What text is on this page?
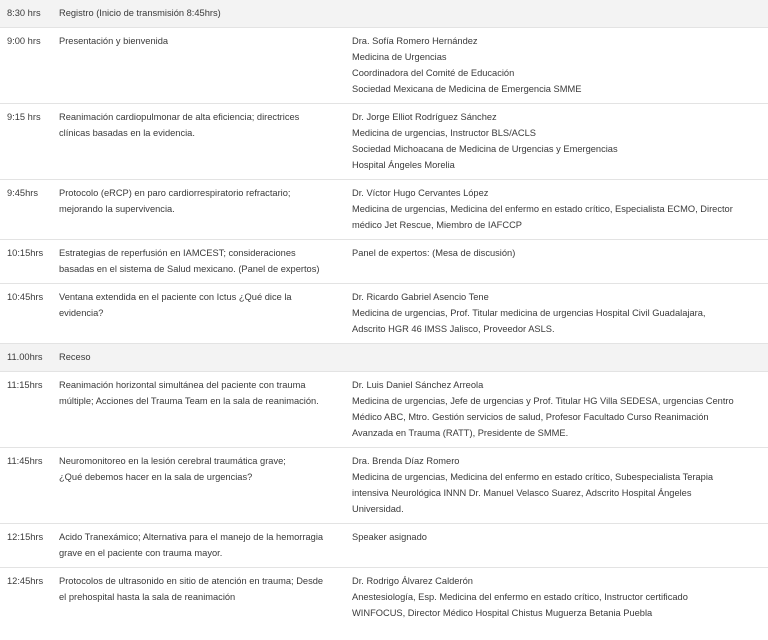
8:30 hrs	Registro (Inicio de transmisión 8:45hrs)	

9:00 hrs	Presentación y bienvenida	Dra. Sofía Romero Hernández
Medicina de Urgencias
Coordinadora del Comité de Educación
Sociedad Mexicana de Medicina de Emergencia SMME

9:15 hrs	Reanimación cardiopulmonar de alta eficiencia; directrices
clínicas basadas en la evidencia.	Dr. Jorge Elliot Rodríguez Sánchez
Medicina de urgencias, Instructor BLS/ACLS
Sociedad Michoacana de Medicina de Urgencias y Emergencias
Hospital Ángeles Morelia

9:45hrs	Protocolo (eRCP) en paro cardiorrespiratorio refractario;
mejorando la supervivencia.	Dr. Víctor Hugo Cervantes López
Medicina de urgencias, Medicina del enfermo en estado crítico, Especialista ECMO, Director
médico Jet Rescue, Miembro de IAFCCP

10:15hrs	Estrategias de reperfusión en IAMCEST; consideraciones
basadas en el sistema de Salud mexicano. (Panel de expertos)	Panel de expertos: (Mesa de discusión)

10:45hrs	Ventana extendida en el paciente con Ictus ¿Qué dice la
evidencia?	Dr. Ricardo Gabriel Asencio Tene
Medicina de urgencias, Prof. Titular medicina de urgencias Hospital Civil Guadalajara,
Adscrito HGR 46 IMSS Jalisco, Proveedor ASLS.

11.00hrs	Receso	

11:15hrs	Reanimación horizontal simultánea del paciente con trauma
múltiple; Acciones del Trauma Team en la sala de reanimación.	Dr. Luis Daniel Sánchez Arreola
Medicina de urgencias, Jefe de urgencias y Prof. Titular HG Villa SEDESA, urgencias Centro
Médico ABC, Mtro. Gestión servicios de salud, Profesor Facultado Curso Reanimación
Avanzada en Trauma (RATT), Presidente de SMME.

11:45hrs	Neuromonitoreo en la lesión cerebral traumática grave;
¿Qué debemos hacer en la sala de urgencias?	Dra. Brenda Díaz Romero
Medicina de urgencias, Medicina del enfermo en estado crítico, Subespecialista Terapia
intensiva Neurológica INNN Dr. Manuel Velasco Suarez, Adscrito Hospital Ángeles
Universidad.

12:15hrs	Acido Tranexámico; Alternativa para el manejo de la hemorragia
grave en el paciente con trauma mayor.	Speaker asignado

12:45hrs	Protocolos de ultrasonido en sitio de atención en trauma; Desde
el prehospital hasta la sala de reanimación	Dr. Rodrigo Álvarez Calderón
Anestesiología, Esp. Medicina del enfermo en estado crítico, Instructor certificado
WINFOCUS, Director Médico Hospital Chistus Muguerza Betania Puebla
